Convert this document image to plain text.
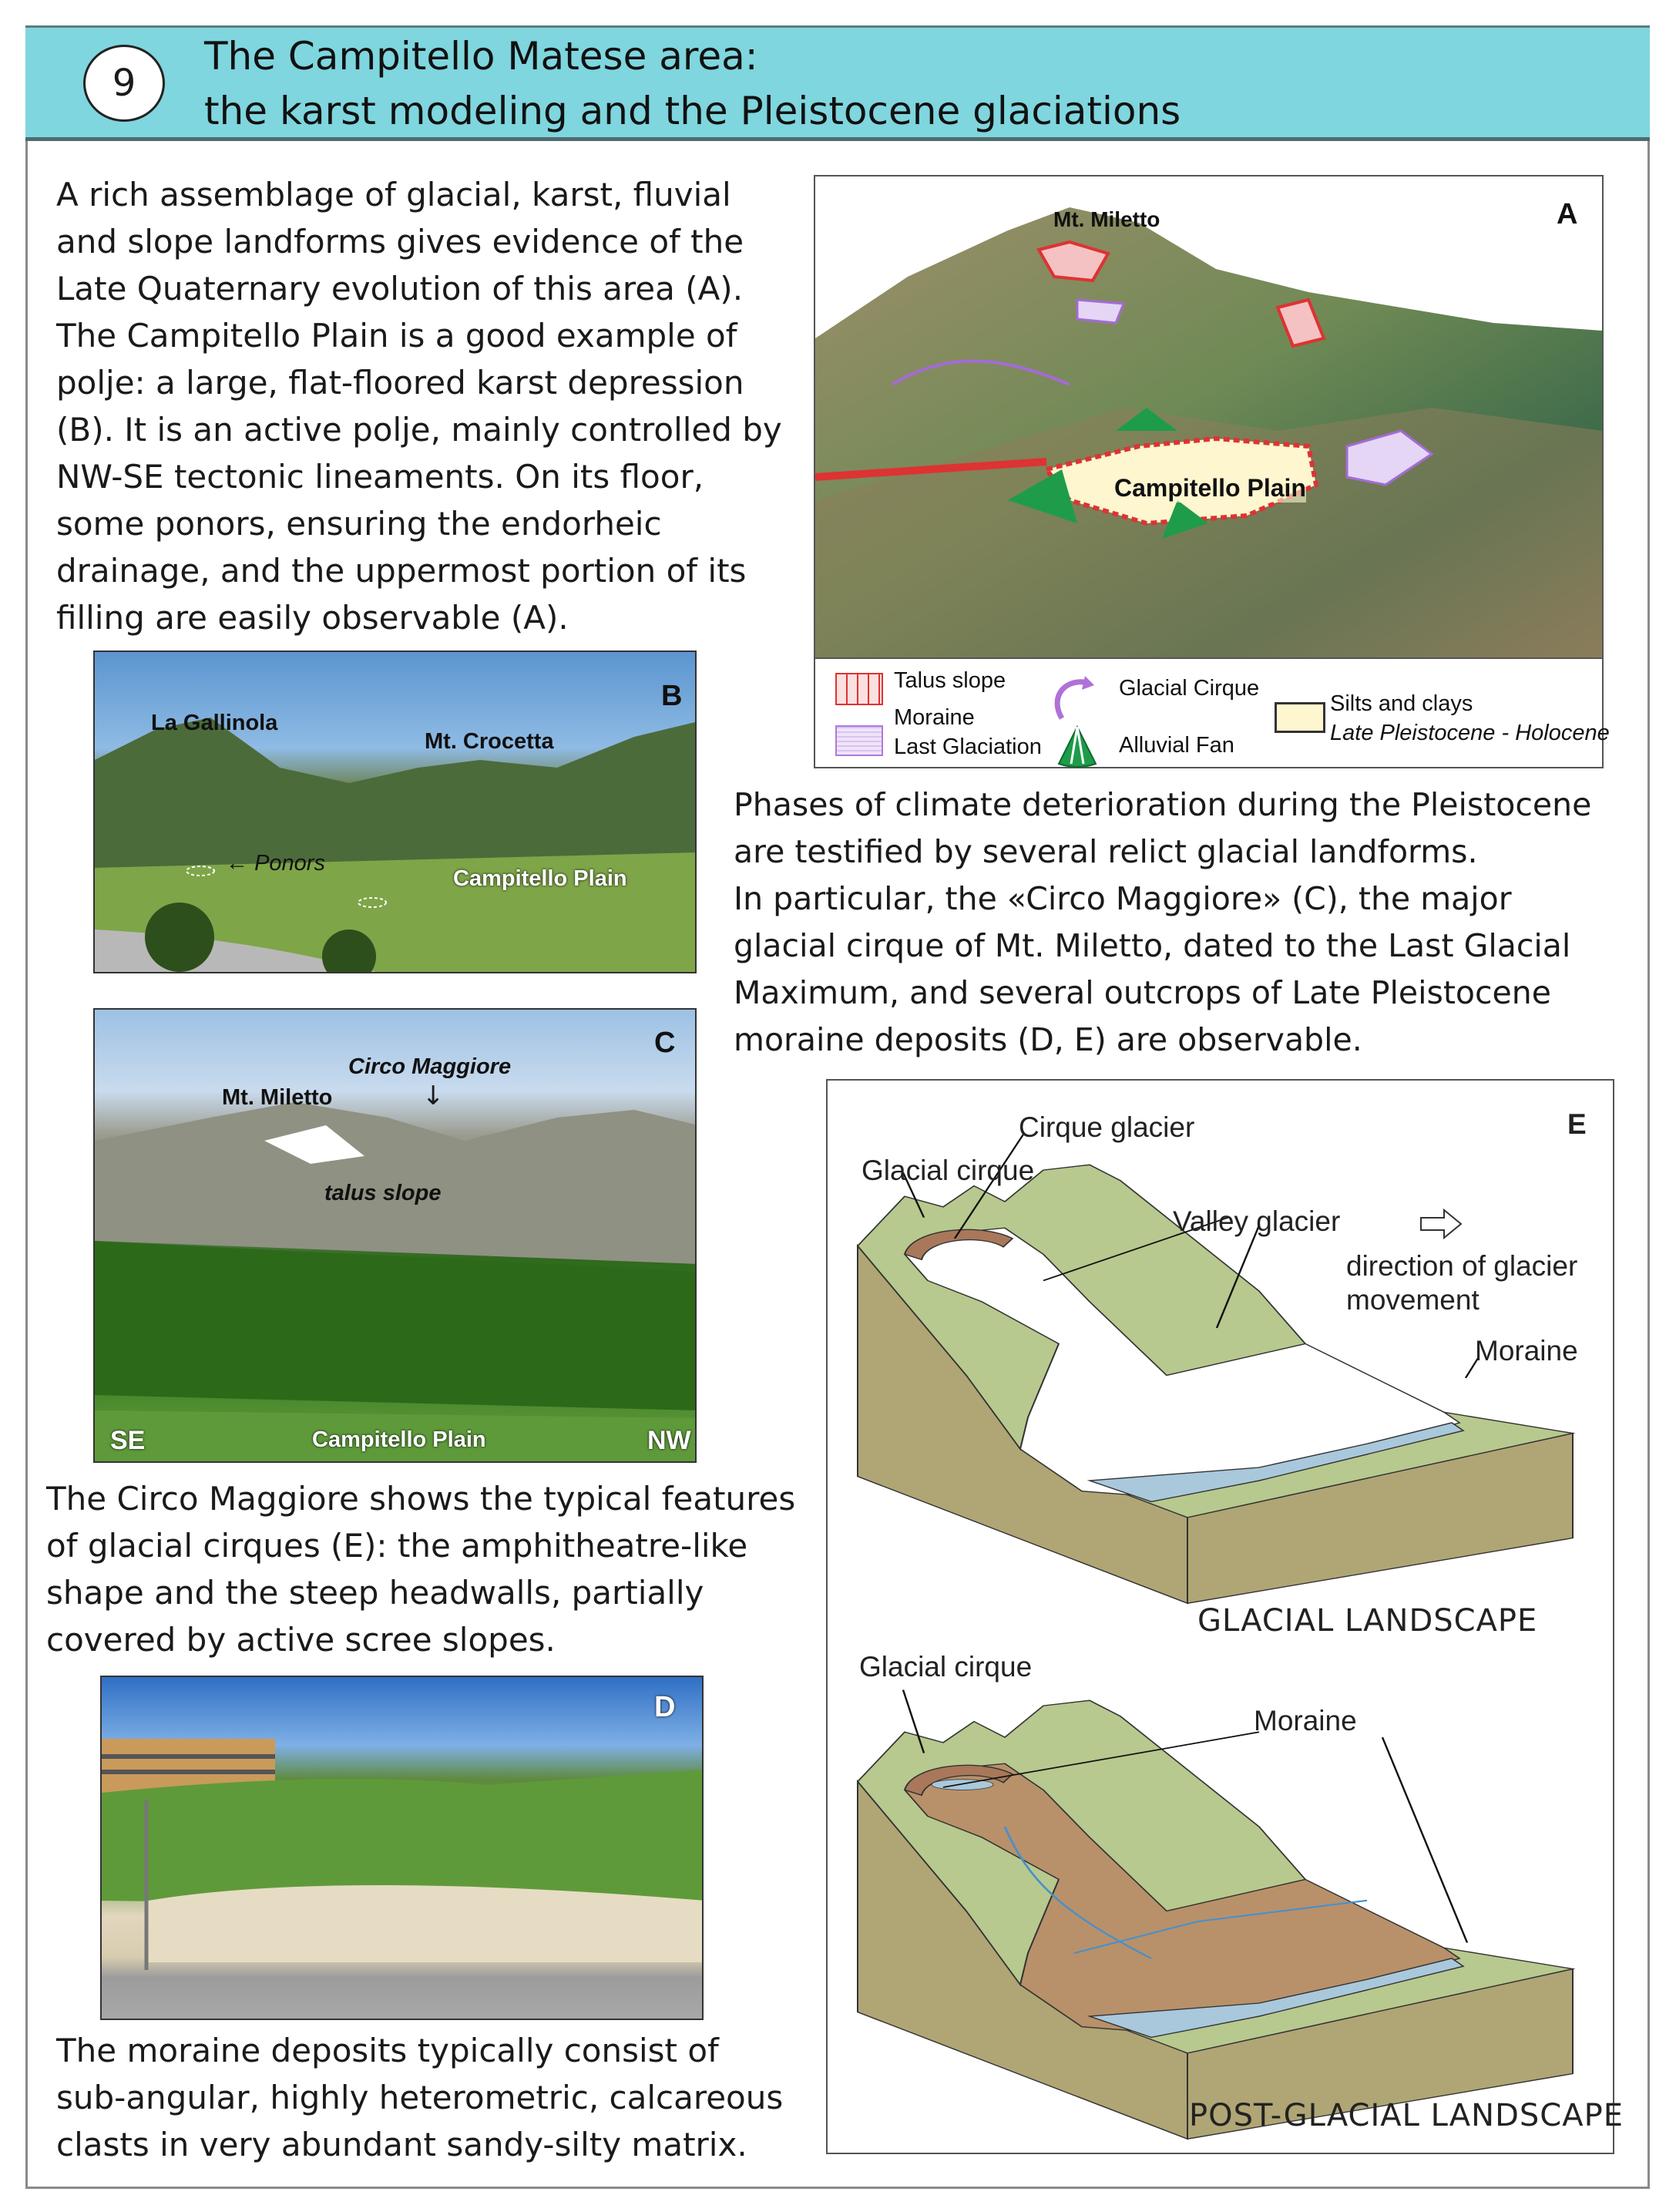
9
The Campitello Matese area:
the karst modeling and the Pleistocene glaciations
A rich assemblage of glacial, karst, fluvial
and slope landforms gives evidence of the
Late Quaternary evolution of this area (A).
The Campitello Plain is a good example of
polje: a large, flat-floored karst depression
(B). It is an active polje, mainly controlled by
NW-SE tectonic lineaments. On its floor,
some ponors, ensuring the endorheic
drainage, and the uppermost portion of its
filling are easily observable (A).
Mt. Miletto	A
Campitello Plain
Talus slope
Moraine
Last Glaciation
Glacial Cirque
Alluvial Fan
Silts and clays
Late Pleistocene - Holocene
La Gallinola
Mt. Crocetta
B
← Ponors
Campitello Plain
Circo Maggiore
↓
Mt. Miletto
C
talus slope
SE	Campitello Plain	NW
The Circo Maggiore shows the typical features
of glacial cirques (E): the amphitheatre-like
shape and the steep headwalls, partially
covered by active scree slopes.
D
The moraine deposits typically consist of
sub-angular, highly heterometric, calcareous
clasts in very abundant sandy-silty matrix.
Phases of climate deterioration during the Pleistocene
are testified by several relict glacial landforms.
In particular, the «Circo Maggiore» (C), the major
glacial cirque of Mt. Miletto, dated to the Last Glacial
Maximum, and several outcrops of Late Pleistocene
moraine deposits (D, E) are observable.
Cirque glacier
Glacial cirque
E
Valley glacier
direction of glacier
movement
Moraine
GLACIAL LANDSCAPE
Glacial cirque
Moraine
POST-GLACIAL LANDSCAPE
